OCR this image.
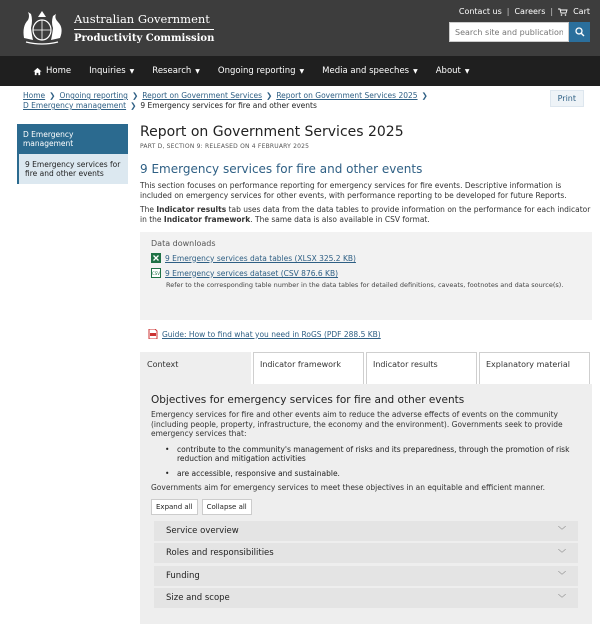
Australian Government
Productivity Commission
Contact us | Careers |	Cart
Search site and publications
Home Inquiries ▼ Research ▼ Ongoing reporting ▼ Media and speeches ▼ About ▼
Home ❯ Ongoing reporting ❯ Report on Government Services ❯ Report on Government Services 2025 ❯
D Emergency management ❯ 9 Emergency services for fire and other events
Print
D Emergency management
9 Emergency services for fire and other events
Report on Government Services 2025
PART D, SECTION 9: RELEASED ON 4 FEBRUARY 2025
9 Emergency services for fire and other events
This section focuses on performance reporting for emergency services for fire events. Descriptive information is included on emergency services for other events, with performance reporting to be developed for future Reports.
The Indicator results tab uses data from the data tables to provide information on the performance for each indicator in the Indicator framework. The same data is also available in CSV format.
Data downloads
9 Emergency services data tables (XLSX 325.2 KB)
CSV 9 Emergency services dataset (CSV 876.6 KB)
Refer to the corresponding table number in the data tables for detailed definitions, caveats, footnotes and data source(s).
Guide: How to find what you need in RoGS (PDF 288.5 KB)
Context	Indicator framework	Indicator results	Explanatory material
Objectives for emergency services for fire and other events
Emergency services for fire and other events aim to reduce the adverse effects of events on the community (including people, property, infrastructure, the economy and the environment). Governments seek to provide emergency services that:
• contribute to the community's management of risks and its preparedness, through the promotion of risk reduction and mitigation activities
• are accessible, responsive and sustainable.
Governments aim for emergency services to meet these objectives in an equitable and efficient manner.
Expand all	Collapse all
Service overview	﹀
Roles and responsibilities	﹀
Funding	﹀
Size and scope	﹀
